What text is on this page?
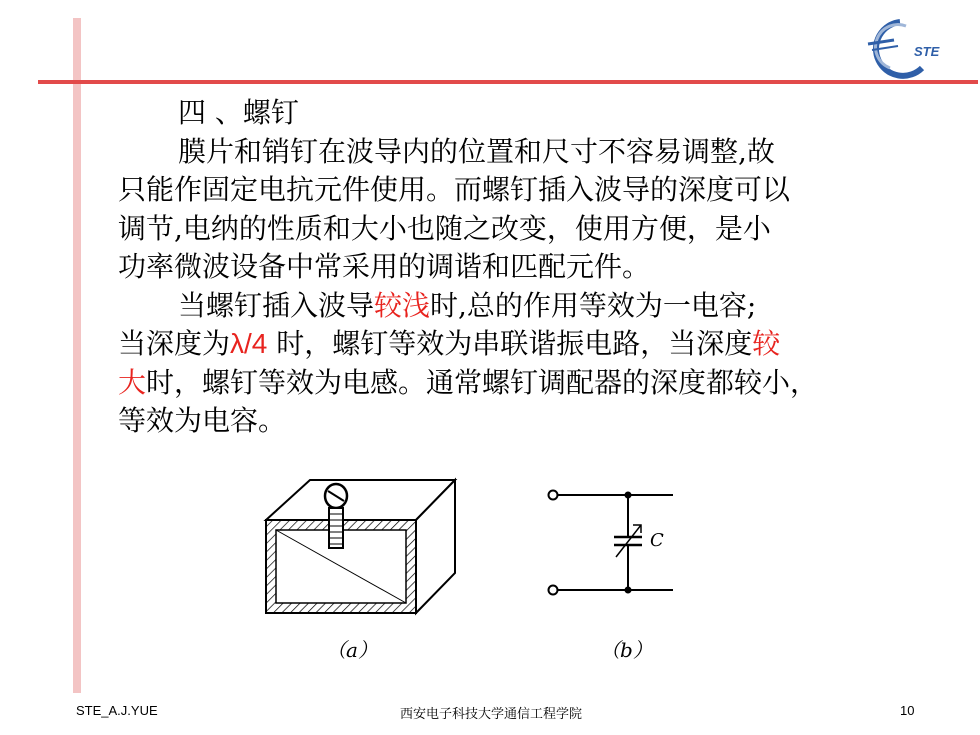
STE

四 、螺钉

膜片和销钉在波导内的位置和尺寸不容易调整,故

只能作固定电抗元件使用。而螺钉插入波导的深度可以

调节,电纳的性质和大小也随之改变，使用方便，是小

功率微波设备中常采用的调谐和匹配元件。

当螺钉插入波导较浅时,总的作用等效为一电容;

当深度为λ/4 时，螺钉等效为串联谐振电路，当深度较

大时，螺钉等效为电感。通常螺钉调配器的深度都较小，

等效为电容。

（a）
C
（b）
STE_A.J.YUE	西安电子科技大学通信工程学院	10
